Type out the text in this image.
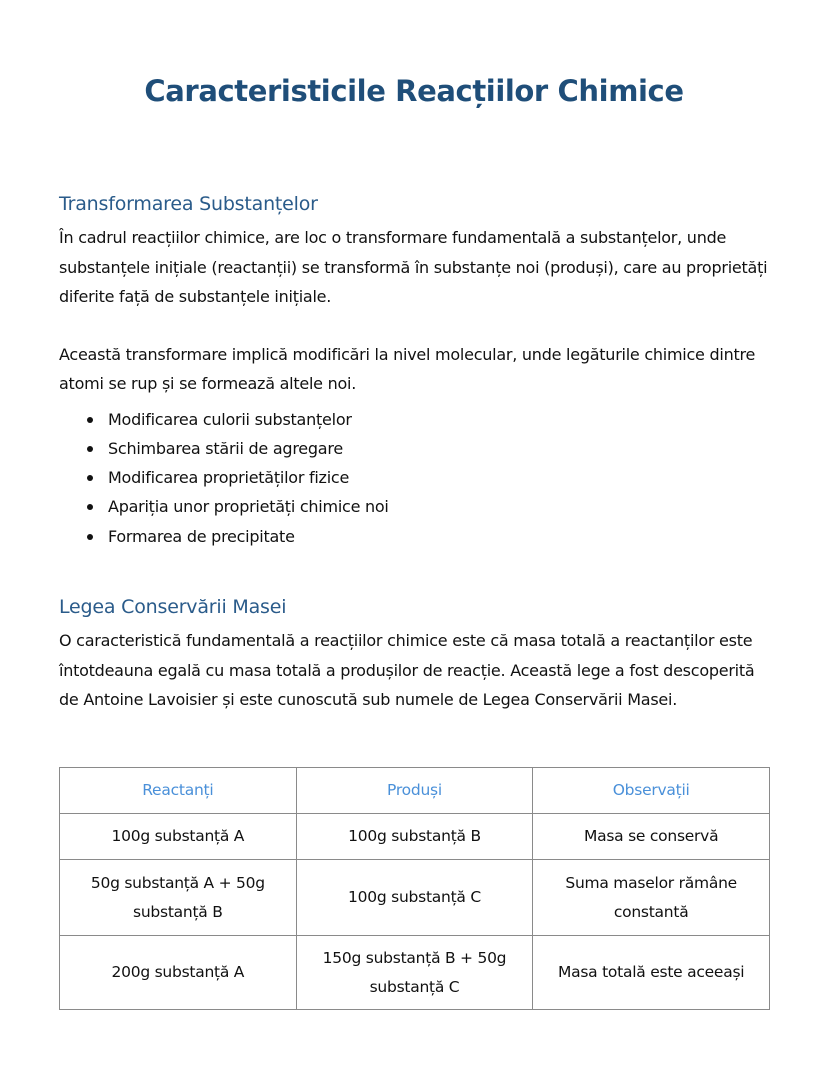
Caracteristicile Reacțiilor Chimice
Transformarea Substanțelor

În cadrul reacțiilor chimice, are loc o transformare fundamentală a substanțelor, unde substanțele inițiale (reactanții) se transformă în substanțe noi (produși), care au proprietăți diferite față de substanțele inițiale.

Această transformare implică modificări la nivel molecular, unde legăturile chimice dintre atomi se rup și se formează altele noi.

Modificarea culorii substanțelor
Schimbarea stării de agregare
Modificarea proprietăților fizice
Apariția unor proprietăți chimice noi
Formarea de precipitate
Legea Conservării Masei

O caracteristică fundamentală a reacțiilor chimice este că masa totală a reactanților este întotdeauna egală cu masa totală a produșilor de reacție. Această lege a fost descoperită de Antoine Lavoisier și este cunoscută sub numele de Legea Conservării Masei.

Reactanți	Produși	Observații
100g substanță A	100g substanță B	Masa se conservă
50g substanță A + 50g substanță B	100g substanță C	Suma maselor rămâne constantă
200g substanță A	150g substanță B + 50g substanță C	Masa totală este aceeași
